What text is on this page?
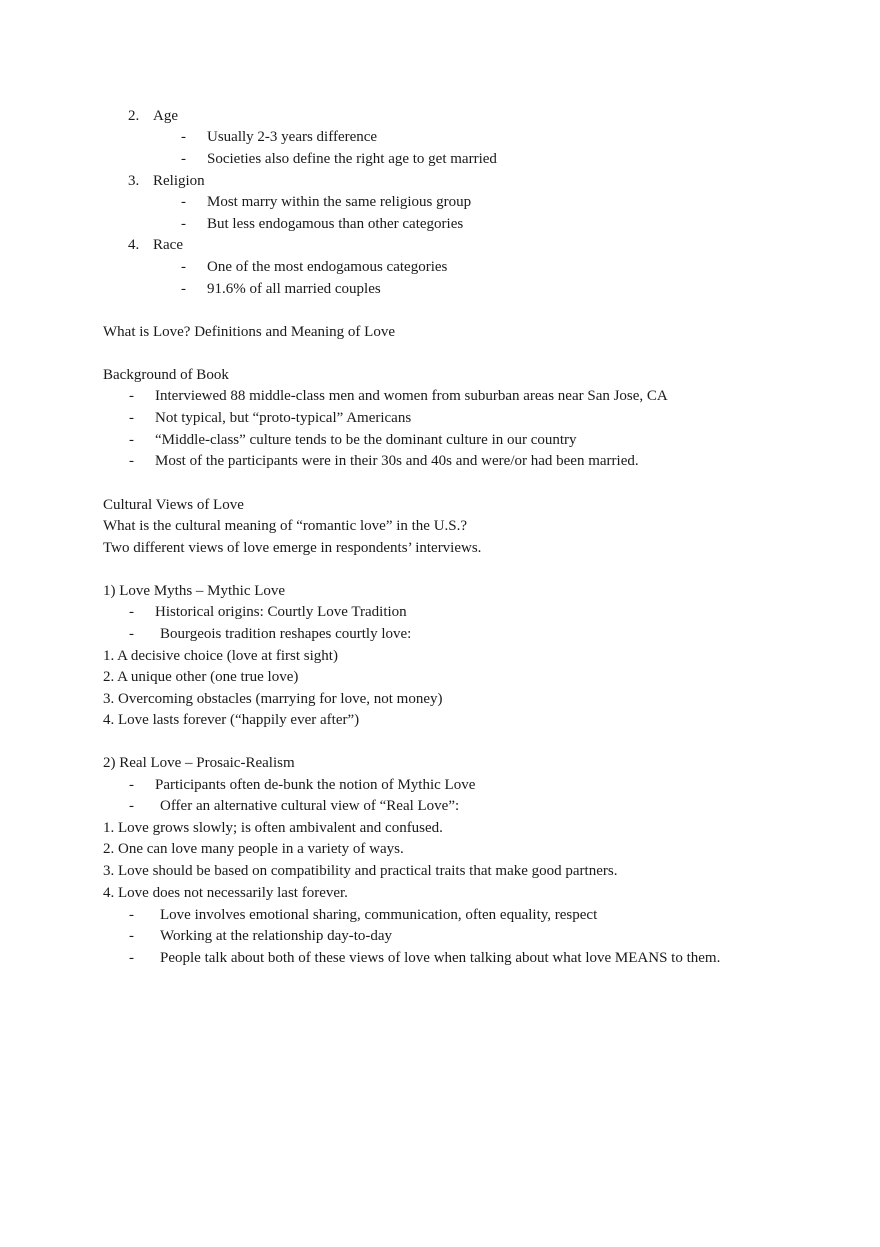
2. Age
- Usually 2-3 years difference
- Societies also define the right age to get married
3. Religion
- Most marry within the same religious group
- But less endogamous than other categories
4. Race
- One of the most endogamous categories
- 91.6% of all married couples
What is Love? Definitions and Meaning of Love
Background of Book
- Interviewed 88 middle-class men and women from suburban areas near San Jose, CA
- Not typical, but “proto-typical” Americans
- “Middle-class” culture tends to be the dominant culture in our country
- Most of the participants were in their 30s and 40s and were/or had been married.
Cultural Views of Love
What is the cultural meaning of “romantic love” in the U.S.?
Two different views of love emerge in respondents’ interviews.
1) Love Myths – Mythic Love
- Historical origins: Courtly Love Tradition
- Bourgeois tradition reshapes courtly love:
1. A decisive choice (love at first sight)
2. A unique other (one true love)
3. Overcoming obstacles (marrying for love, not money)
4. Love lasts forever (“happily ever after”)
2) Real Love – Prosaic-Realism
- Participants often de-bunk the notion of Mythic Love
- Offer an alternative cultural view of “Real Love”:
1. Love grows slowly; is often ambivalent and confused.
2. One can love many people in a variety of ways.
3. Love should be based on compatibility and practical traits that make good partners.
4. Love does not necessarily last forever.
- Love involves emotional sharing, communication, often equality, respect
- Working at the relationship day-to-day
- People talk about both of these views of love when talking about what love MEANS to them.
